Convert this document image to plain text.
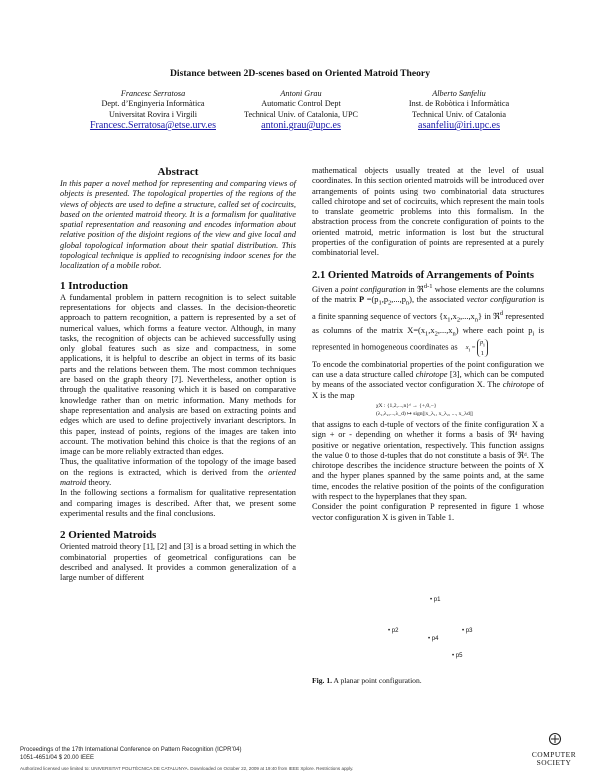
Distance between 2D-scenes based on Oriented Matroid Theory
Francesc Serratosa
Dept. d’Enginyeria Informàtica
Universitat Rovira i Virgili
Francesc.Serratosa@etse.urv.es
Antoni Grau
Automatic Control Dept
Technical Univ. of Catalonia, UPC
antoni.grau@upc.es
Alberto Sanfeliu
Inst. de Robòtica i Informàtica
Technical Univ. of Catalonia
asanfeliu@iri.upc.es
Abstract

In this paper a novel method for representing and comparing views of objects is presented. The topological properties of the regions of the views of objects are used to define a structure, called set of cocircuits, based on the oriented matroid theory. It is a formalism for qualitative spatial representation and reasoning and encodes information about relative position of the disjoint regions of the view and give local and global topological information about their spatial distribution. This topological technique is applied to recognising indoor scenes for the localization of a mobile robot.

1 Introduction

A fundamental problem in pattern recognition is to select suitable representations for objects and classes. In the decision-theoretic approach to pattern recognition, a pattern is represented by a set of numerical values, which forms a feature vector. Although, in many tasks, the recognition of objects can be achieved successfully using only global features such as size and compactness, in some applications, it is helpful to describe an object in terms of its basic parts and the relations between them. The most common techniques are based on the graph theory [7]. Nevertheless, another option is through the qualitative reasoning which it is based on comparative knowledge rather than on metric information. Many methods for shape representation and analysis are based on extracting points and edges which are used to define projectively invariant descriptors. In this paper, instead of points, regions of the images are taken into account. The motivation behind this choice is that the regions of an image can be more reliably extracted than edges.

Thus, the qualitative information of the topology of the image based on the regions is extracted, which is derived from the oriented matroid theory.

In the following sections a formalism for qualitative representation and comparing images is described. After that, we present some experimental results and the final conclusions.

2 Oriented Matroids

Oriented matroid theory [1], [2] and [3] is a broad setting in which the combinatorial properties of geometrical configurations can be described and analysed. It provides a common generalization of a large number of different

mathematical objects usually treated at the level of usual coordinates. In this section oriented matroids will be introduced over arrangements of points using two combinatorial data structures called chirotope and set of cocircuits, which represent the main tools to translate geometric problems into this formalism. In the abstraction process from the concrete configuration of points to the oriented matroid, metric information is lost but the structural properties of the configuration of points are represented at a purely combinatorial level.

2.1 Oriented Matroids of Arrangements of Points

Given a point configuration in ℜ$^{d-1}$ whose elements are the columns of the matrix $P =(p_1,p_2,...,p_n)$, the associated vector configuration is a finite spanning sequence of vectors $\{x_1,x_2,...,x_n\}$ in ℜ$^d$ represented as columns of the matrix $X=(x_1,x_2,...,x_n)$ where each point $p_i$ is represented in homogeneous coordinates as $x_i = p_i$
1

To encode the combinatorial properties of the point configuration we can use a data structure called chirotope [3], which can be computed by means of the associated vector configuration X. The chirotope of X is the map

χX : {1,2,...,n}ᵈ → {+,0,−}
(λ₁,λ₂,...,λ_d) ↦ sign[|x_λ₁, x_λ₂, ..., x_λd|]

that assigns to each d-tuple of vectors of the finite configuration X a sign + or - depending on whether it forms a basis of ℜᵈ having positive or negative orientation, respectively. This function assigns the value 0 to those d-tuples that do not constitute a basis of ℜᵈ. The chirotope describes the incidence structure between the points of X and the hyper planes spanned by the same points and, at the same time, encodes the relative position of the points of the configuration with respect to the hyperplanes that they span.

Consider the point configuration P represented in figure 1 whose vector configuration X is given in Table 1.

• p1
• p2	• p3
• p4
• p5
Fig. 1. A planar point configuration.
Proceedings of the 17th International Conference on Pattern Recognition (ICPR’04)
1051-4651/04 $ 20.00 IEEE
Authorized licensed use limited to: UNIVERSITAT POLITÈCNICA DE CATALUNYA. Downloaded on October 22, 2009 at 19:40 from IEEE Xplore. Restrictions apply.
COMPUTER
SOCIETY
